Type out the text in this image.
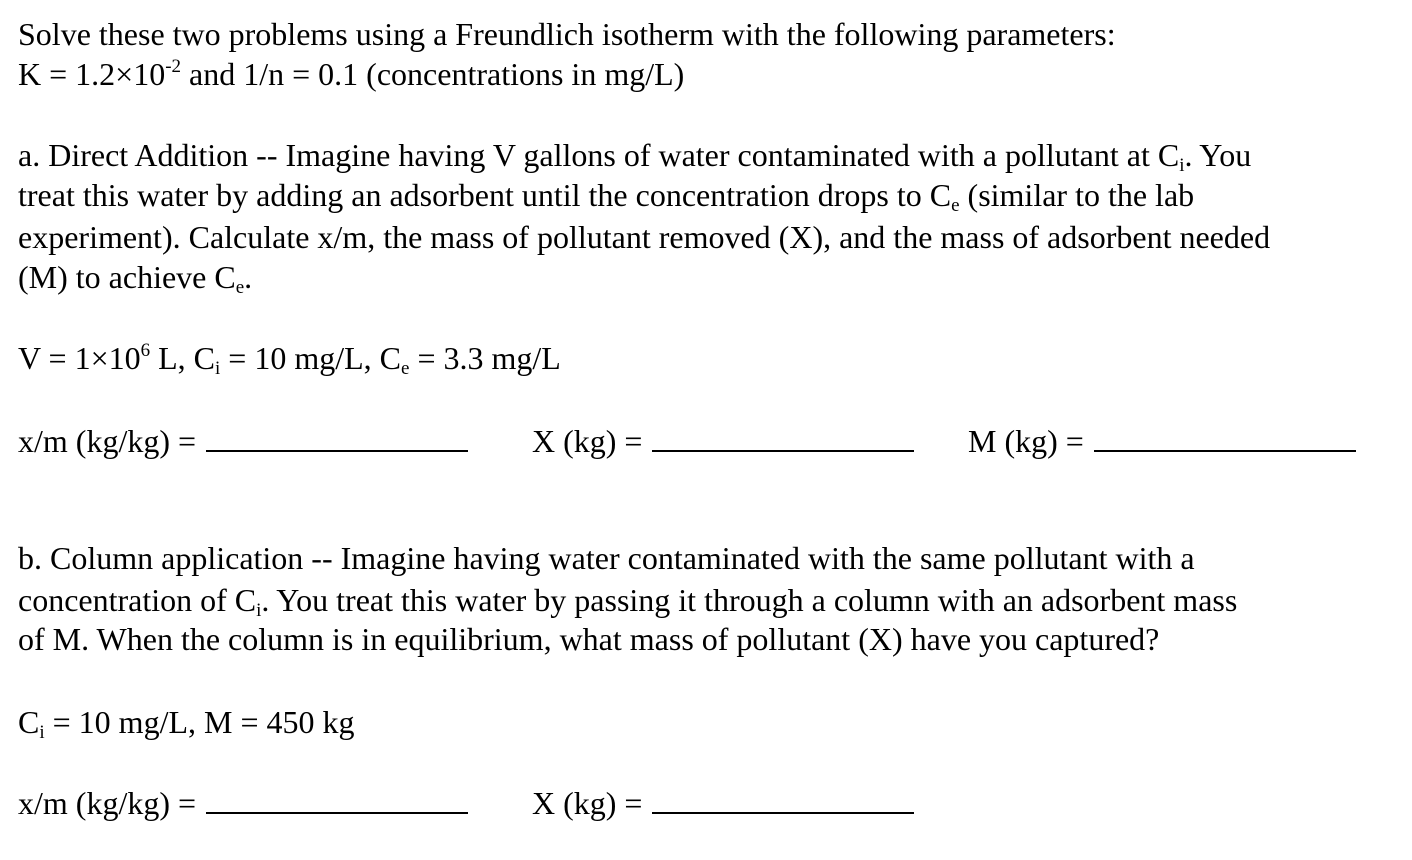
Solve these two problems using a Freundlich isotherm with the following parameters:
$K = 1.2\times 10^{-2}$ and 1/n = 0.1 (concentrations in mg/L)
a. Direct Addition -- Imagine having V gallons of water contaminated with a pollutant at $C_i$. You
treat this water by adding an adsorbent until the concentration drops to $C_e$ (similar to the lab
experiment). Calculate x/m, the mass of pollutant removed (X), and the mass of adsorbent needed
(M) to achieve $C_e$.
$V = 1\times 10^6$ L, $C_i = 10$ mg/L, $C_e = 3.3$ mg/L
x/m (kg/kg) =	X (kg) =	M (kg) =
b. Column application -- Imagine having water contaminated with the same pollutant with a
concentration of $C_i$. You treat this water by passing it through a column with an adsorbent mass
of M. When the column is in equilibrium, what mass of pollutant (X) have you captured?
$C_i = 10$ mg/L, M = 450 kg
x/m (kg/kg) =	X (kg) =
